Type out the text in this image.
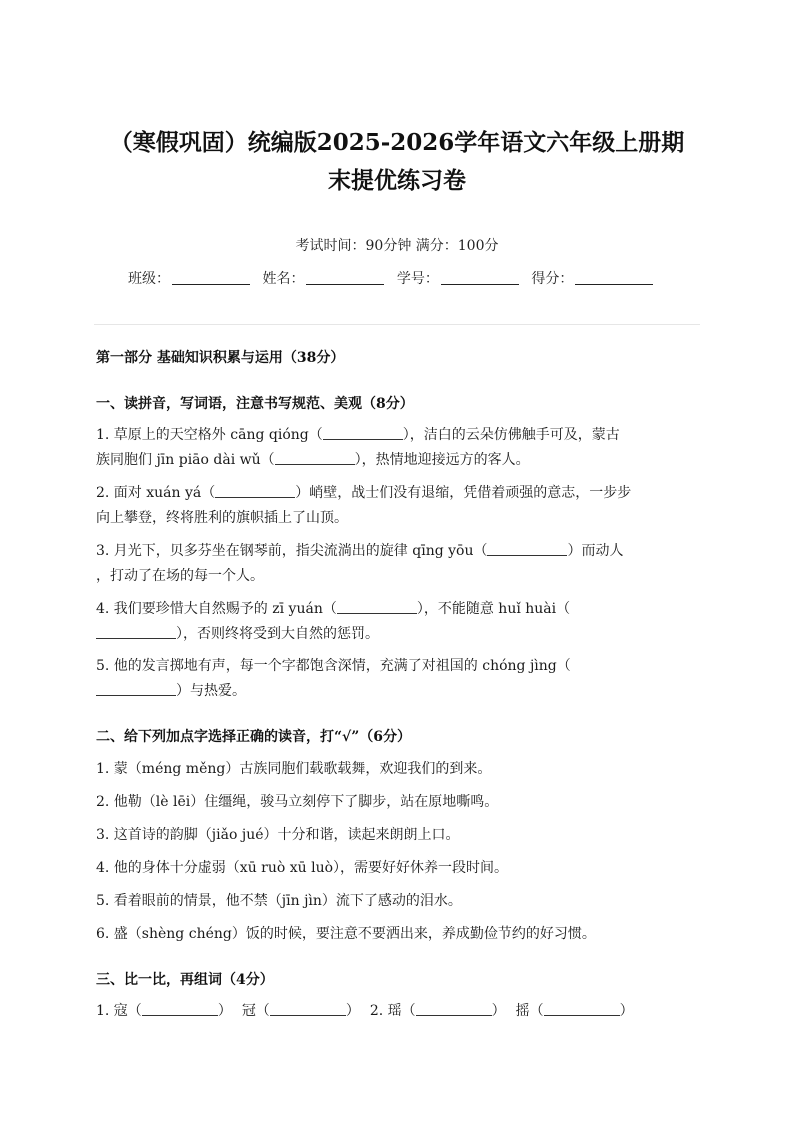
（寒假巩固）统编版2025-2026学年语文六年级上册期
末提优练习卷
考试时间：90分钟 满分：100分
班级：	姓名：	学号：	得分：
第一部分 基础知识积累与运用（38分）
一、读拼音，写词语，注意书写规范、美观（8分）
1. 草原上的天空格外 cāng qióng（	），洁白的云朵仿佛触手可及，蒙古
族同胞们 jīn piāo dài wǔ（	），热情地迎接远方的客人。
2. 面对 xuán yá（	）峭壁，战士们没有退缩，凭借着顽强的意志，一步步
向上攀登，终将胜利的旗帜插上了山顶。
3. 月光下，贝多芬坐在钢琴前，指尖流淌出的旋律 qīng yōu（	）而动人
，打动了在场的每一个人。
4. 我们要珍惜大自然赐予的 zī yuán（	），不能随意 huǐ huài（
），否则终将受到大自然的惩罚。
5. 他的发言掷地有声，每一个字都饱含深情，充满了对祖国的 chóng jìng（
）与热爱。
二、给下列加点字选择正确的读音，打“√”（6分）
1. 蒙（méng měng）古族同胞们载歌载舞，欢迎我们的到来。
2. 他勒（lè lēi）住缰绳，骏马立刻停下了脚步，站在原地嘶鸣。
3. 这首诗的韵脚（jiǎo jué）十分和谐，读起来朗朗上口。
4. 他的身体十分虚弱（xū ruò xū luò），需要好好休养一段时间。
5. 看着眼前的情景，他不禁（jīn jìn）流下了感动的泪水。
6. 盛（shèng chéng）饭的时候，要注意不要洒出来，养成勤俭节约的好习惯。
三、比一比，再组词（4分）
1. 寇（	） 冠（	） 2. 瑶（	） 摇（	）
